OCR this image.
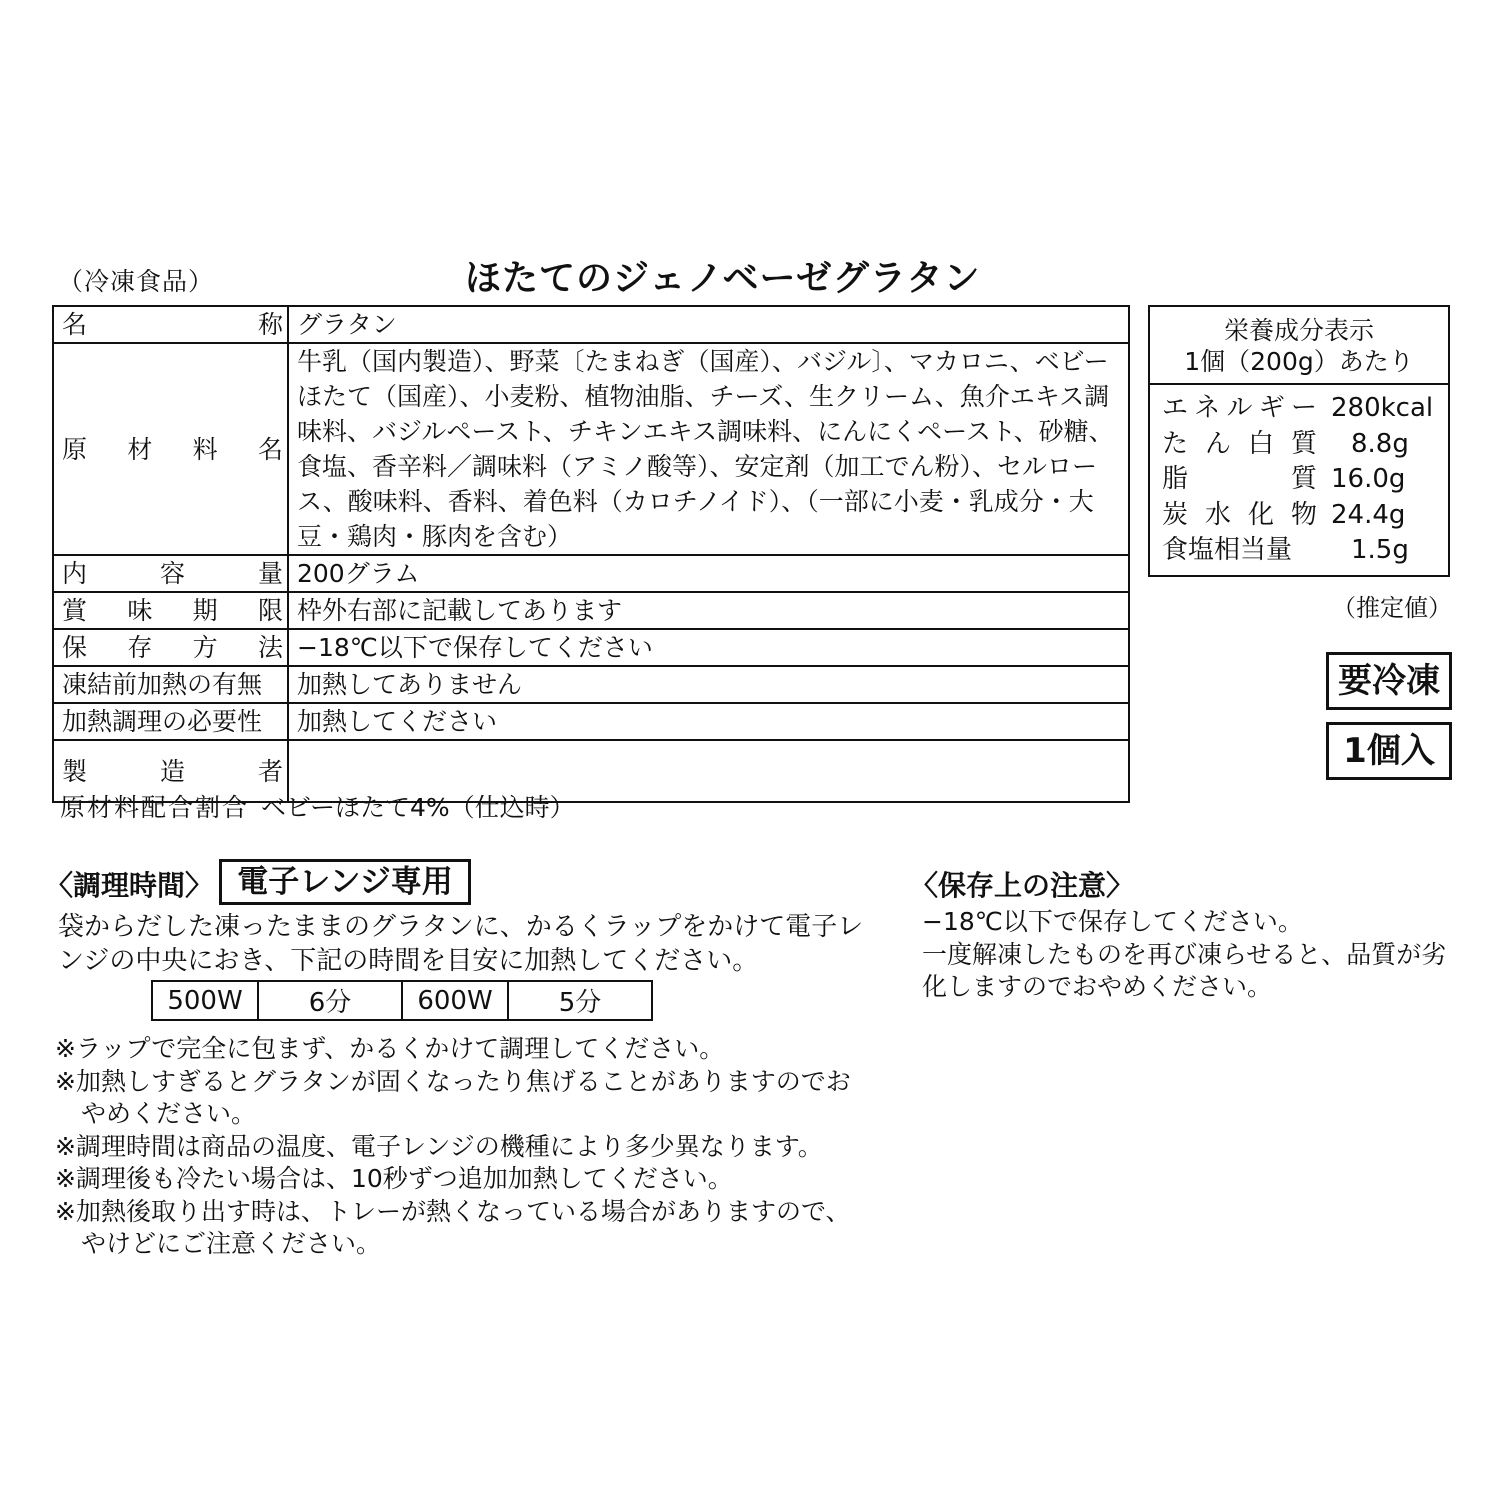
（冷凍食品）	ほたてのジェノベーゼグラタン
名 称	グラタン

原 材 料 名	牛乳（国内製造）、野菜〔たまねぎ（国産）、バジル〕、マカロニ、ベビーほたて（国産）、小麦粉、植物油脂、チーズ、生クリーム、魚介エキス調味料、バジルペースト、チキンエキス調味料、にんにくペースト、砂糖、食塩、香辛料／調味料（アミノ酸等）、安定剤（加工でん粉）、セルロース、酸味料、香料、着色料（カロチノイド）、（一部に小麦・乳成分・大豆・鶏肉・豚肉を含む）

内 容 量	200グラム

賞 味 期 限	枠外右部に記載してあります

保 存 方 法	−18℃以下で保存してください
凍結前加熱の有無	加熱してありません
加熱調理の必要性	加熱してください

製 造 者	

原材料配合割合 ベビーほたて4%（仕込時）
栄養成分表示
1個（200g）あたり
エ ネ ル ギ ー 280kcal
た ん 白 質 8.8g
脂	質 16.0g
炭 水 化 物 24.4g
食塩相当量	1.5g
（推定値）
要冷凍
1個入
〈調理時間〉 電子レンジ専用
袋からだした凍ったままのグラタンに、かるくラップをかけて電子レンジの中央におき、下記の時間を目安に加熱してください。
500W	6分	600W	5分
※ラップで完全に包まず、かるくかけて調理してください。
※加熱しすぎるとグラタンが固くなったり焦げることがありますのでおやめください。
※調理時間は商品の温度、電子レンジの機種により多少異なります。
※調理後も冷たい場合は、10秒ずつ追加加熱してください。
※加熱後取り出す時は、トレーが熱くなっている場合がありますので、やけどにご注意ください。
〈保存上の注意〉
−18℃以下で保存してください。
一度解凍したものを再び凍らせると、品質が劣化しますのでおやめください。
